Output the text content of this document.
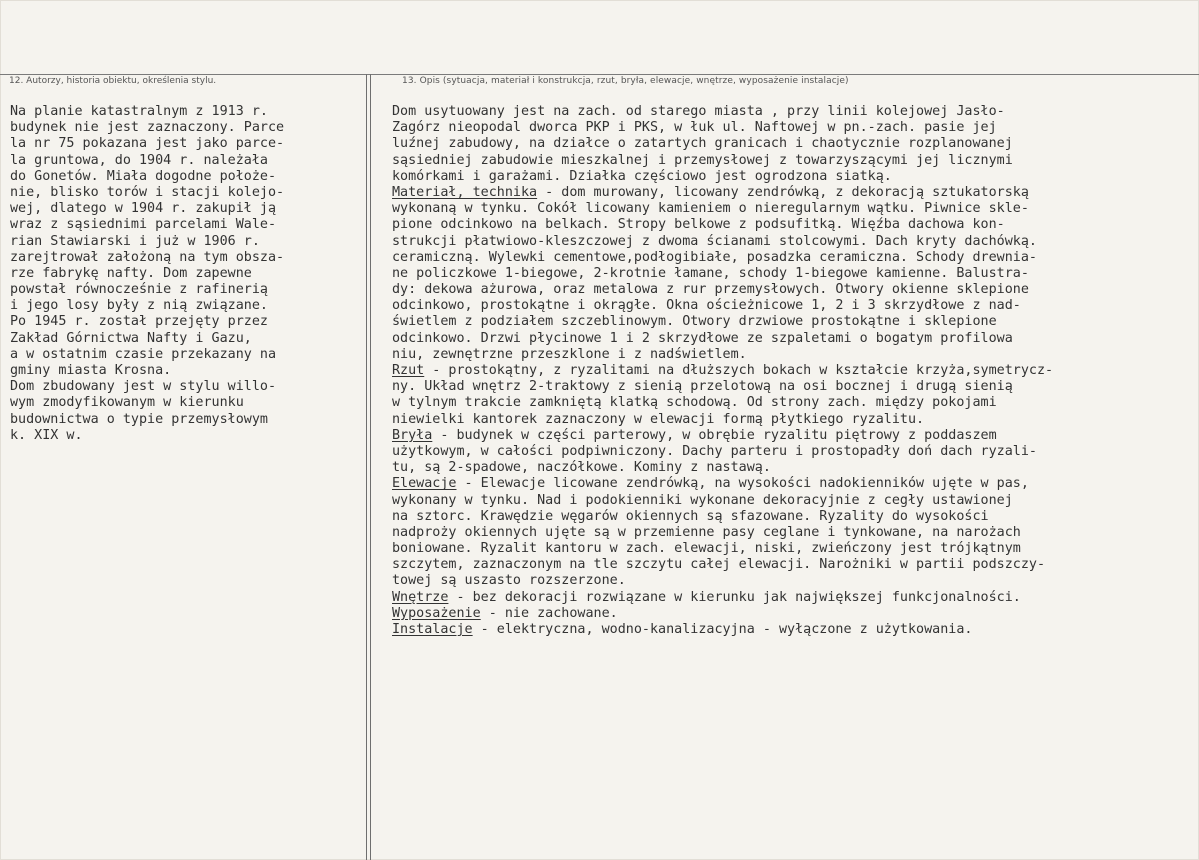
12. Autorzy, historia obiektu, określenia stylu.	13. Opis (sytuacja, materiał i konstrukcja, rzut, bryła, elewacje, wnętrze, wyposażenie instalacje)
Na planie katastralnym z 1913 r.
budynek nie jest zaznaczony. Parce
la nr 75 pokazana jest jako parce-
la gruntowa, do 1904 r. należała
do Gonetów. Miała dogodne położe-
nie, blisko torów i stacji kolejo-
wej, dlatego w 1904 r. zakupił ją
wraz z sąsiednimi parcelami Wale-
rian Stawiarski i już w 1906 r.
zarejtrował założoną na tym obsza-
rze fabrykę nafty. Dom zapewne
powstał równocześnie z rafinerią
i jego losy były z nią związane.
Po 1945 r. został przejęty przez
Zakład Górnictwa Nafty i Gazu,
a w ostatnim czasie przekazany na
gminy miasta Krosna.
Dom zbudowany jest w stylu willo-
wym zmodyfikowanym w kierunku
budownictwa o typie przemysłowym
k. XIX w.
Dom usytuowany jest na zach. od starego miasta , przy linii kolejowej Jasło-
Zagórz nieopodal dworca PKP i PKS, w łuk ul. Naftowej w pn.-zach. pasie jej
luźnej zabudowy, na działce o zatartych granicach i chaotycznie rozplanowanej
sąsiedniej zabudowie mieszkalnej i przemysłowej z towarzyszącymi jej licznymi
komórkami i garażami. Działka częściowo jest ogrodzona siatką.
Materiał, technika - dom murowany, licowany zendrówką, z dekoracją sztukatorską
wykonaną w tynku. Cokół licowany kamieniem o nieregularnym wątku. Piwnice skle-
pione odcinkowo na belkach. Stropy belkowe z podsufitką. Więźba dachowa kon-
strukcji płatwiowo-kleszczowej z dwoma ścianami stolcowymi. Dach kryty dachówką.
ceramiczną. Wylewki cementowe,podłogibiałe, posadzka ceramiczna. Schody drewnia-
ne policzkowe 1-biegowe, 2-krotnie łamane, schody 1-biegowe kamienne. Balustra-
dy: dekowa ażurowa, oraz metalowa z rur przemysłowych. Otwory okienne sklepione
odcinkowo, prostokątne i okrągłe. Okna ościeżnicowe 1, 2 i 3 skrzydłowe z nad-
świetlem z podziałem szczeblinowym. Otwory drzwiowe prostokątne i sklepione
odcinkowo. Drzwi płycinowe 1 i 2 skrzydłowe ze szpaletami o bogatym profilowa
niu, zewnętrzne przeszklone i z nadświetlem.
Rzut - prostokątny, z ryzalitami na dłuższych bokach w kształcie krzyża,symetrycz-
ny. Układ wnętrz 2-traktowy z sienią przelotową na osi bocznej i drugą sienią
w tylnym trakcie zamkniętą klatką schodową. Od strony zach. między pokojami
niewielki kantorek zaznaczony w elewacji formą płytkiego ryzalitu.
Bryła - budynek w części parterowy, w obrębie ryzalitu piętrowy z poddaszem
użytkowym, w całości podpiwniczony. Dachy parteru i prostopadły doń dach ryzali-
tu, są 2-spadowe, naczółkowe. Kominy z nastawą.
Elewacje - Elewacje licowane zendrówką, na wysokości nadokienników ujęte w pas,
wykonany w tynku. Nad i podokienniki wykonane dekoracyjnie z cegły ustawionej
na sztorc. Krawędzie węgarów okiennych są sfazowane. Ryzality do wysokości
nadproży okiennych ujęte są w przemienne pasy ceglane i tynkowane, na narożach
boniowane. Ryzalit kantoru w zach. elewacji, niski, zwieńczony jest trójkątnym
szczytem, zaznaczonym na tle szczytu całej elewacji. Narożniki w partii podszczy-
towej są uszasto rozszerzone.
Wnętrze - bez dekoracji rozwiązane w kierunku jak największej funkcjonalności.
Wyposażenie - nie zachowane.
Instalacje - elektryczna, wodno-kanalizacyjna - wyłączone z użytkowania.
